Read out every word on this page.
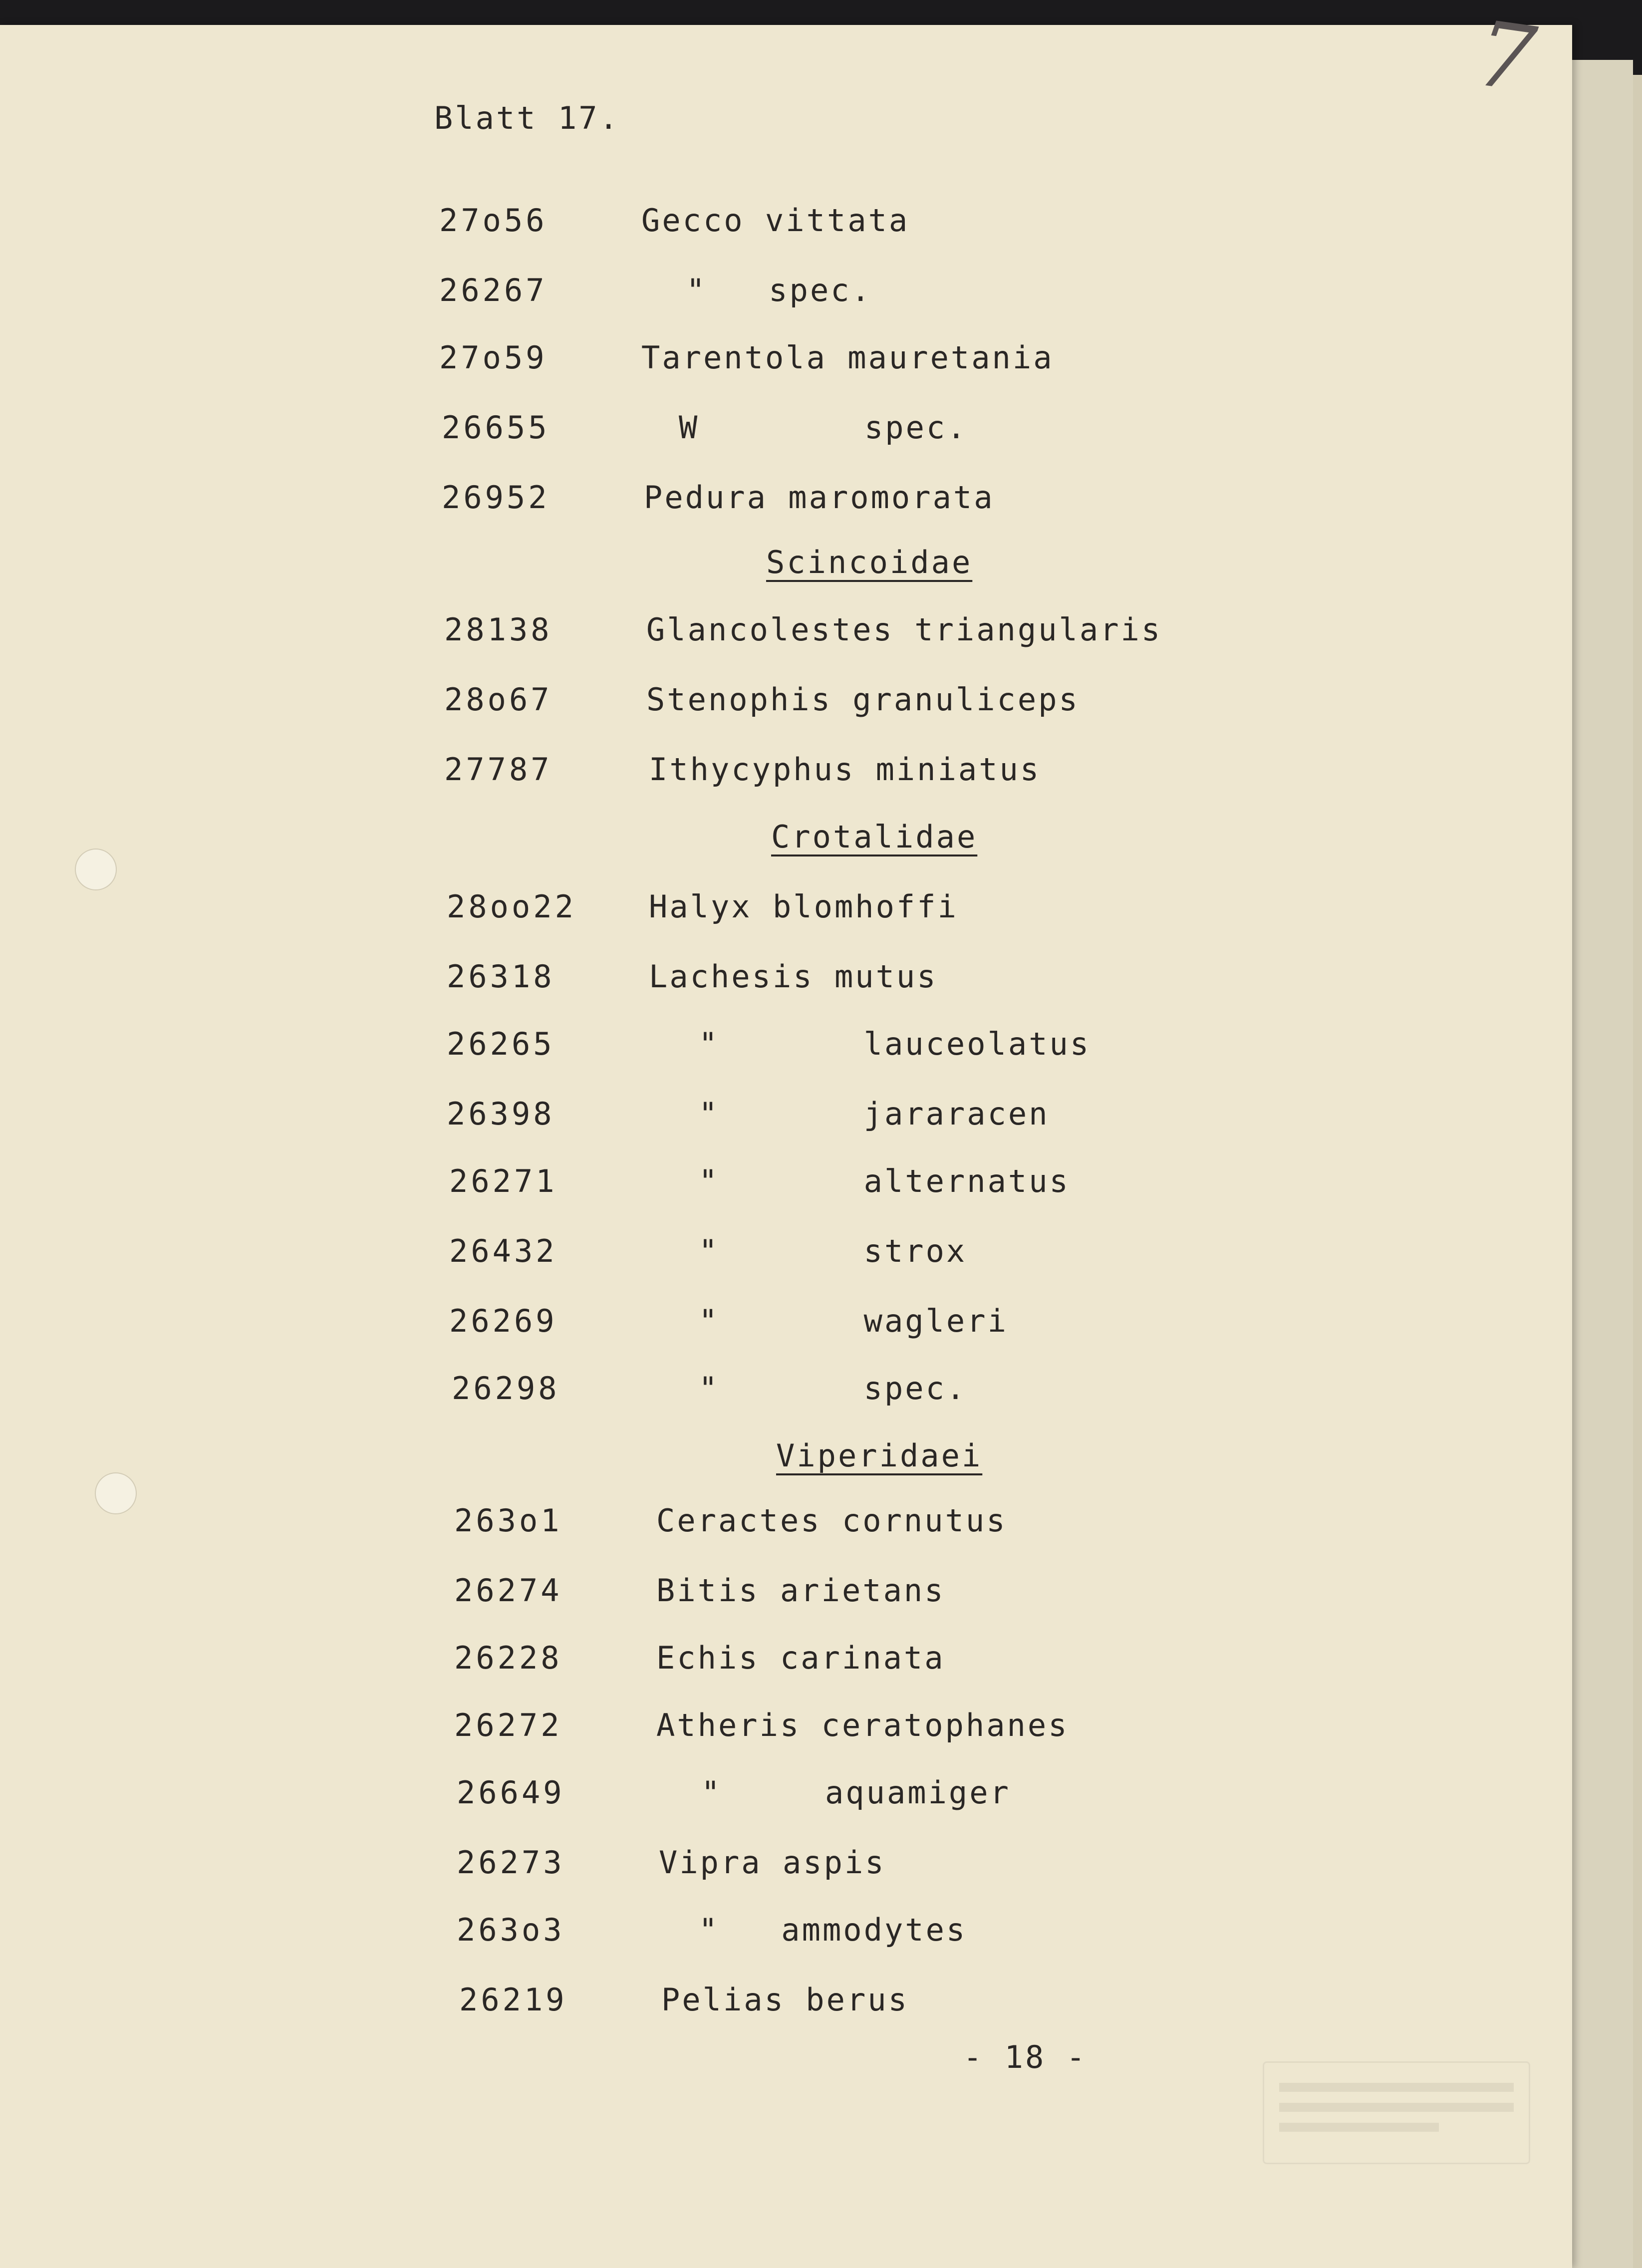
7
Blatt 17.
27o56	Gecco vittata
26267	"   spec.
27o59	Tarentola mauretania
26655	W        spec.
26952	Pedura maromorata
Scincoidae
28138	Glancolestes triangularis
28o67	Stenophis granuliceps
27787	Ithycyphus miniatus
Crotalidae
28oo22 Halyx blomhoffi
26318	Lachesis mutus
26265	"       lauceolatus
26398	"       jararacen
26271	"       alternatus
26432	"       strox
26269	"       wagleri
26298	"       spec.
Viperidaei
263o1	Ceractes cornutus
26274	Bitis arietans
26228	Echis carinata
26272	Atheris ceratophanes
26649	"     aquamiger
26273	Vipra aspis
263o3	"   ammodytes
26219	Pelias berus
- 18 -
